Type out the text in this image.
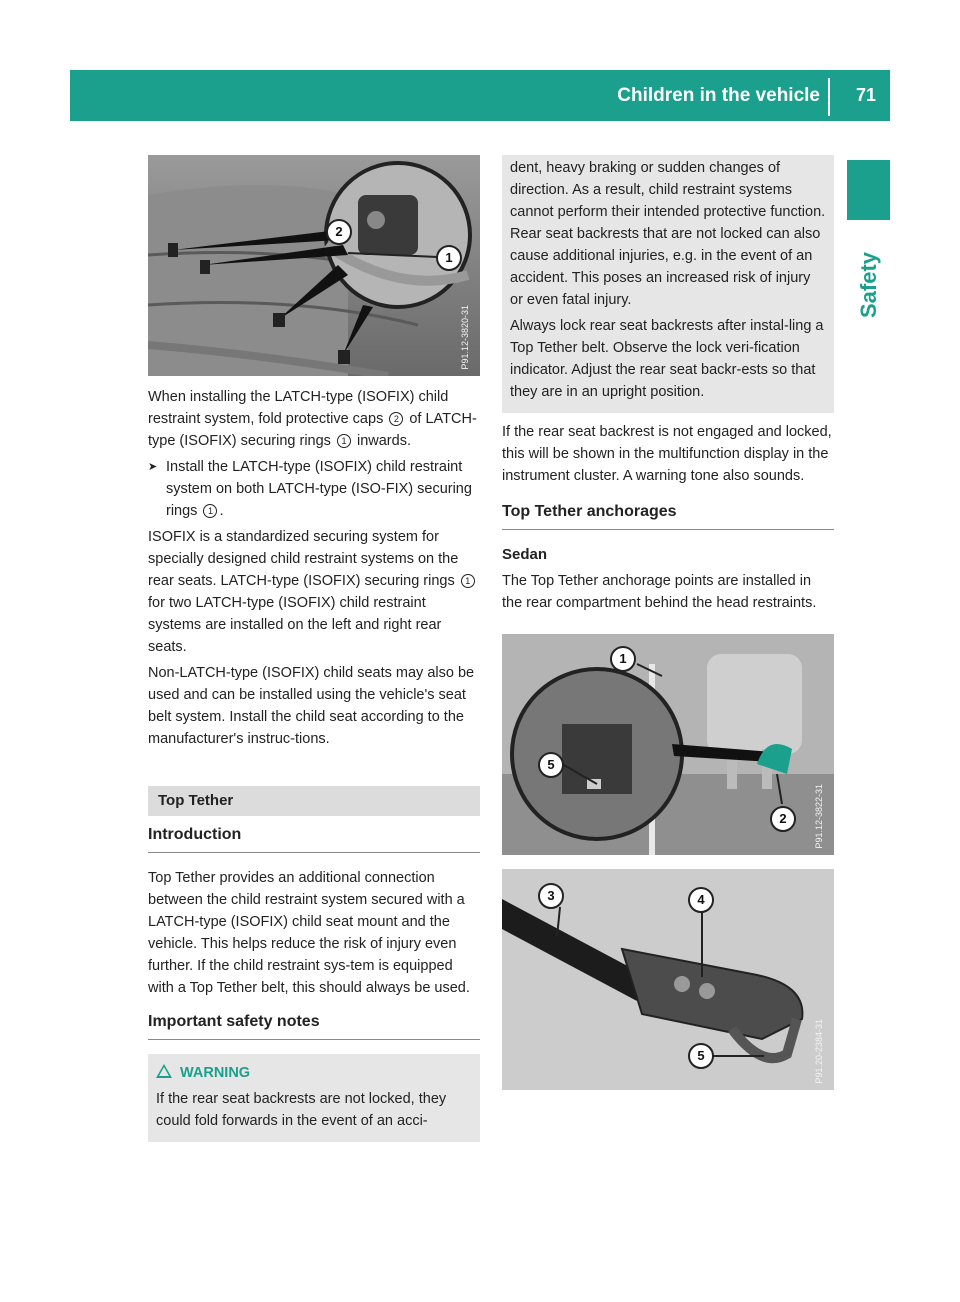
Children in the vehicle 71
Safety
2
1
P91.12-3820-31

When installing the LATCH-type (ISOFIX) child restraint system, fold protective caps 2 of LATCH-type (ISOFIX) securing rings 1 inwards.

➤ Install the LATCH-type (ISOFIX) child restraint system on both LATCH-type (ISO-FIX) securing rings 1 .

ISOFIX is a standardized securing system for specially designed child restraint systems on the rear seats. LATCH-type (ISOFIX) securing rings 1 for two LATCH-type (ISOFIX) child restraint systems are installed on the left and right rear seats.

Non-LATCH-type (ISOFIX) child seats may also be used and can be installed using the vehicle's seat belt system. Install the child seat according to the manufacturer's instruc-tions.

Top Tether
Introduction

Top Tether provides an additional connection between the child restraint system secured with a LATCH-type (ISOFIX) child seat mount and the vehicle. This helps reduce the risk of injury even further. If the child restraint sys-tem is equipped with a Top Tether belt, this should always be used.

Important safety notes
WARNING

If the rear seat backrests are not locked, they could fold forwards in the event of an acci-

dent, heavy braking or sudden changes of direction. As a result, child restraint systems cannot perform their intended protective function. Rear seat backrests that are not locked can also cause additional injuries, e.g. in the event of an accident. This poses an increased risk of injury or even fatal injury.

Always lock rear seat backrests after instal-ling a Top Tether belt. Observe the lock veri-fication indicator. Adjust the rear seat backr-ests so that they are in an upright position.

If the rear seat backrest is not engaged and locked, this will be shown in the multifunction display in the instrument cluster. A warning tone also sounds.

Top Tether anchorages
Sedan

The Top Tether anchorage points are installed in the rear compartment behind the head restraints.

1
5
2	P91.12-3822-31
3	4
5	P91.20-2384-31
